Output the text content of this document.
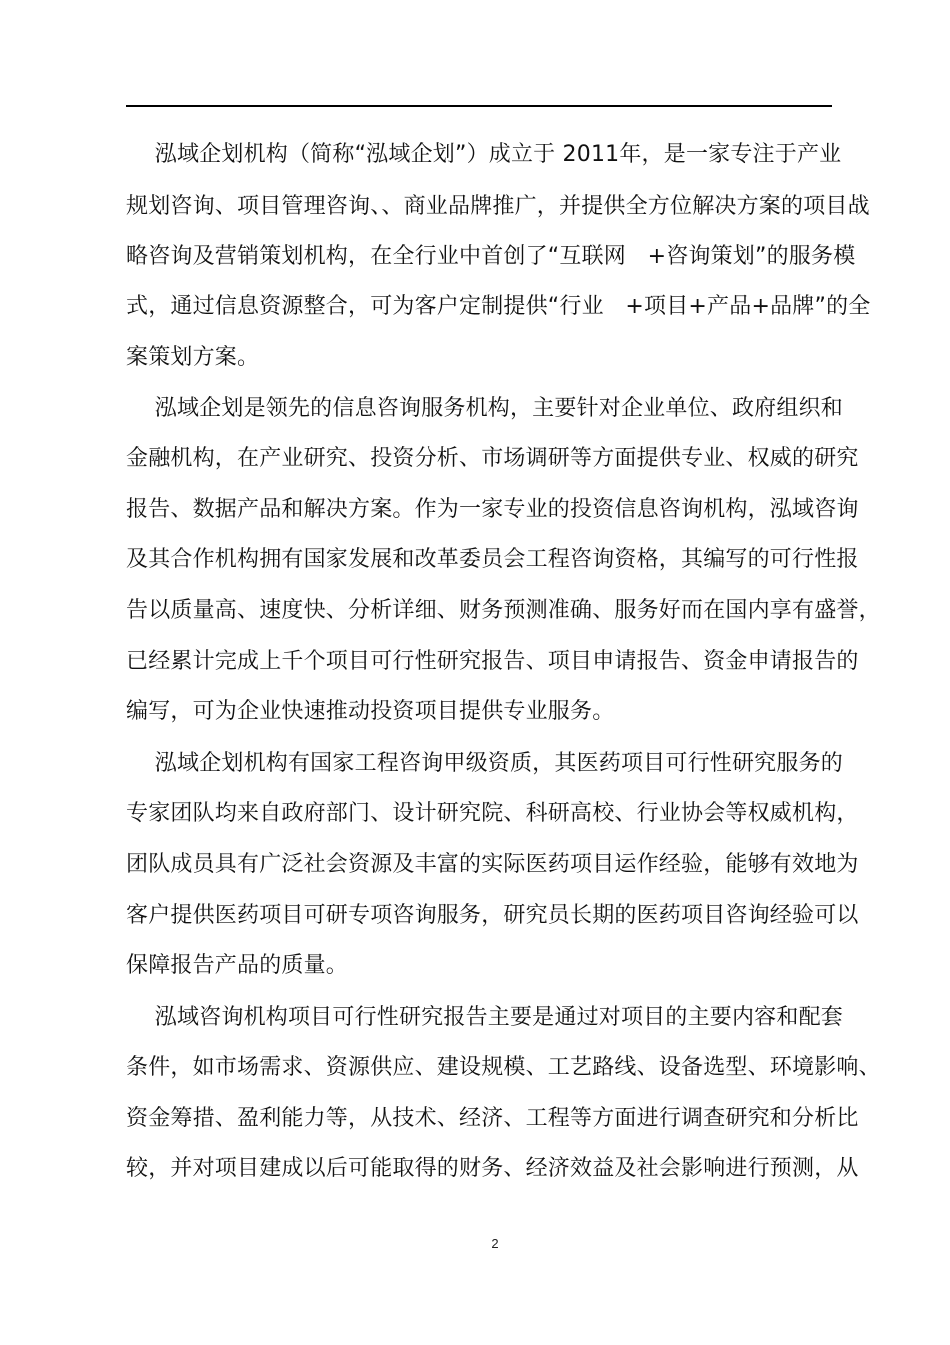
泓域企划机构（简称“泓域企划”）成立于 2011年，是一家专注于产业
规划咨询、项目管理咨询、、商业品牌推广，并提供全方位解决方案的项目战
略咨询及营销策划机构，在全行业中首创了“互联网   +咨询策划”的服务模
式，通过信息资源整合，可为客户定制提供“行业   +项目+产品+品牌”的全
案策划方案。
泓域企划是领先的信息咨询服务机构，主要针对企业单位、政府组织和
金融机构，在产业研究、投资分析、市场调研等方面提供专业、权威的研究
报告、数据产品和解决方案。作为一家专业的投资信息咨询机构，泓域咨询
及其合作机构拥有国家发展和改革委员会工程咨询资格，其编写的可行性报
告以质量高、速度快、分析详细、财务预测准确、服务好而在国内享有盛誉，
已经累计完成上千个项目可行性研究报告、项目申请报告、资金申请报告的
编写，可为企业快速推动投资项目提供专业服务。
泓域企划机构有国家工程咨询甲级资质，其医药项目可行性研究服务的
专家团队均来自政府部门、设计研究院、科研高校、行业协会等权威机构，
团队成员具有广泛社会资源及丰富的实际医药项目运作经验，能够有效地为
客户提供医药项目可研专项咨询服务，研究员长期的医药项目咨询经验可以
保障报告产品的质量。
泓域咨询机构项目可行性研究报告主要是通过对项目的主要内容和配套
条件，如市场需求、资源供应、建设规模、工艺路线、设备选型、环境影响、
资金筹措、盈利能力等，从技术、经济、工程等方面进行调查研究和分析比
较，并对项目建成以后可能取得的财务、经济效益及社会影响进行预测，从
2
